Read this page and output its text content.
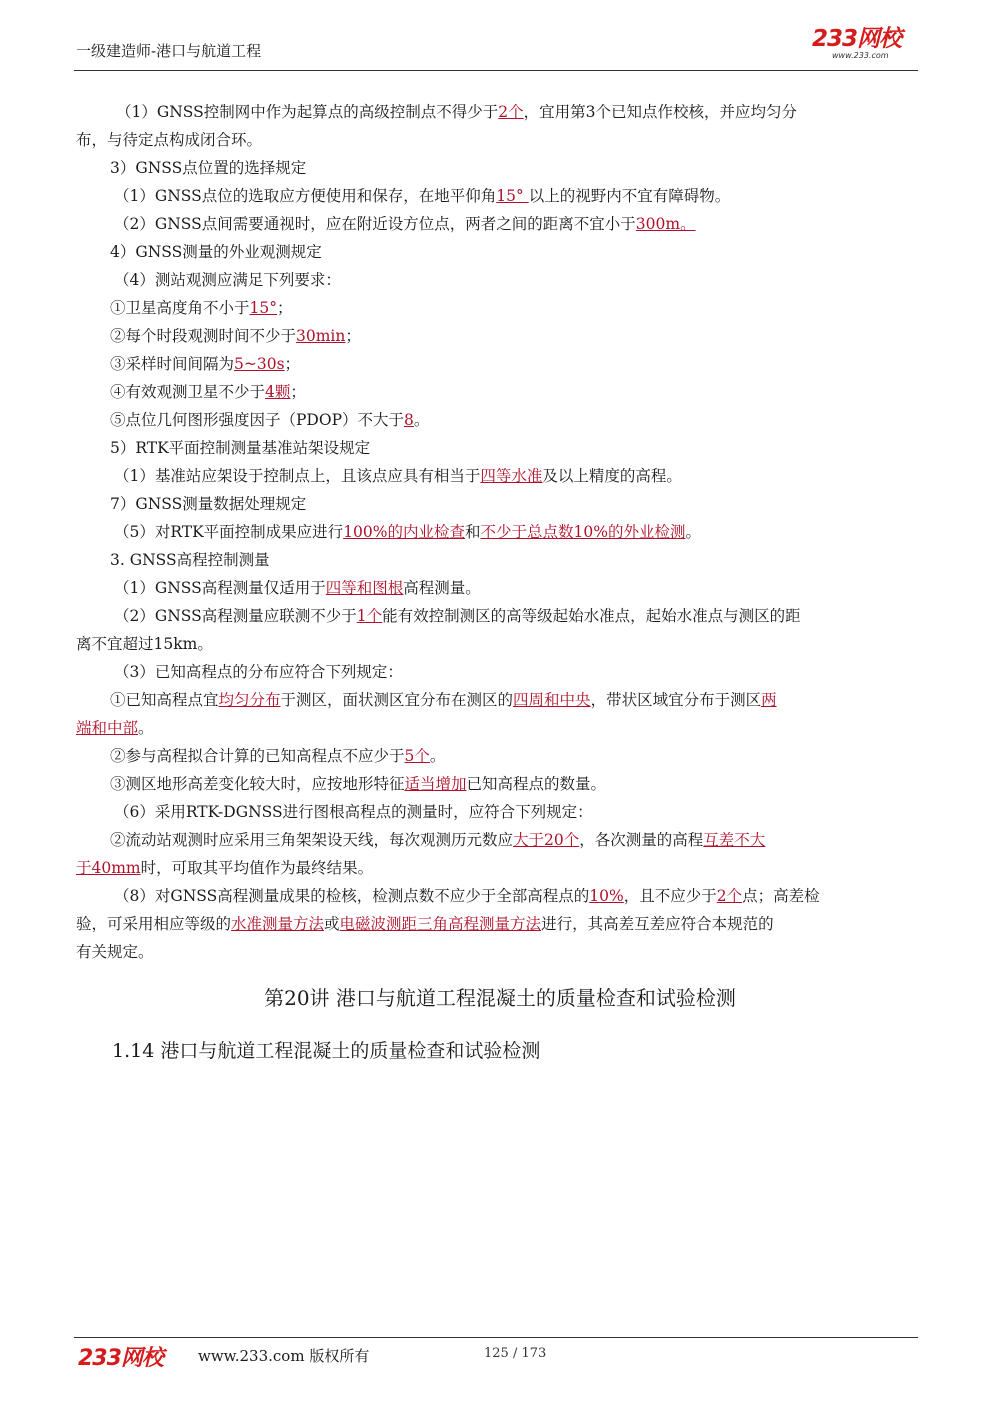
一级建造师-港口与航道工程	233网校
www.233.com
（1）GNSS控制网中作为起算点的高级控制点不得少于2个，宜用第3个已知点作校核，并应均匀分
布，与待定点构成闭合环。
3）GNSS点位置的选择规定
（1）GNSS点位的选取应方便使用和保存，在地平仰角15° 以上的视野内不宜有障碍物。
（2）GNSS点间需要通视时，应在附近设方位点，两者之间的距离不宜小于300m。
4）GNSS测量的外业观测规定
（4）测站观测应满足下列要求：
①卫星高度角不小于15°；
②每个时段观测时间不少于30min；
③采样时间间隔为5~30s；
④有效观测卫星不少于4颗；
⑤点位几何图形强度因子（PDOP）不大于8。
5）RTK平面控制测量基准站架设规定
（1）基准站应架设于控制点上，且该点应具有相当于四等水准及以上精度的高程。
7）GNSS测量数据处理规定
（5）对RTK平面控制成果应进行100%的内业检查和不少于总点数10%的外业检测。
3. GNSS高程控制测量
（1）GNSS高程测量仅适用于四等和图根高程测量。
（2）GNSS高程测量应联测不少于1个能有效控制测区的高等级起始水准点，起始水准点与测区的距
离不宜超过15km。
（3）已知高程点的分布应符合下列规定：
①已知高程点宜均匀分布于测区，面状测区宜分布在测区的四周和中央，带状区域宜分布于测区两
端和中部。
②参与高程拟合计算的已知高程点不应少于5个。
③测区地形高差变化较大时，应按地形特征适当增加已知高程点的数量。
（6）采用RTK-DGNSS进行图根高程点的测量时，应符合下列规定：
②流动站观测时应采用三角架架设天线，每次观测历元数应大于20个，各次测量的高程互差不大
于40mm时，可取其平均值作为最终结果。
（8）对GNSS高程测量成果的检核，检测点数不应少于全部高程点的10%，且不应少于2个点；高差检
验，可采用相应等级的水准测量方法或电磁波测距三角高程测量方法进行，其高差互差应符合本规范的
有关规定。
第20讲 港口与航道工程混凝土的质量检查和试验检测
1.14 港口与航道工程混凝土的质量检查和试验检测
233网校 www.233.com 版权所有	125 / 173
